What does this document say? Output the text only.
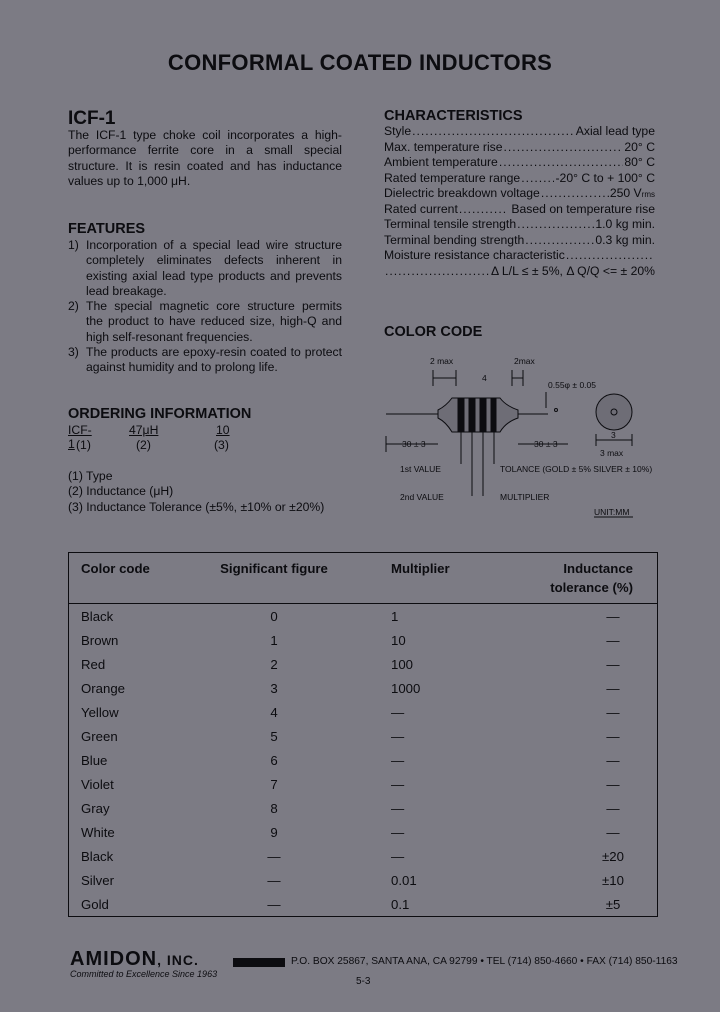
CONFORMAL COATED INDUCTORS
ICF-1
The ICF-1 type choke coil incorporates a high-performance ferrite core in a small special structure. It is resin coated and has inductance values up to 1,000 μH.
FEATURES
1) Incorporation of a special lead wire structure completely eliminates defects inherent in existing axial lead type products and prevents lead breakage.
2) The special magnetic core structure permits the product to have reduced size, high-Q and high self-resonant frequencies.
3) The products are epoxy-resin coated to protect against humidity and to prolong life.
ORDERING INFORMATION
ICF-1
47μH	10
(1)	(2)	(3)
(1) Type
(2) Inductance (μH)
(3) Inductance Tolerance (±5%, ±10% or ±20%)
CHARACTERISTICS
Style .....	Axial lead type
Max. temperature rise .....	20° C
Ambient temperature .....	80° C
Rated temperature range .....	-20° C to + 100° C
Dielectric breakdown voltage .....	250 V rms
Rated current .....	Based on temperature rise
Terminal tensile strength .....	1.0 kg min.
Terminal bending strength .....	0.3 kg min.
Moisture resistance characteristic
.....
.....
Δ L/L ≤ ± 5%, Δ Q/Q <= ± 20%
COLOR CODE
2 max
4
2max
0.55φ ± 0.05
30 ± 3	30 ± 3
3
3 max
1st VALUE
2nd VALUE
TOLANCE (GOLD ± 5% SILVER ± 10%)
MULTIPLIER
UNIT:MM
Color code	Significant figure	Multiplier	Inductance tolerance (%)
Black	0	1	—
Brown	1	10	—
Red	2	100	—
Orange	3	1000	—
Yellow	4	—	—
Green	5	—	—
Blue	6	—	—
Violet	7	—	—
Gray	8	—	—
White	9	—	—
Black	—	—	±20
Silver	—	0.01	±10
Gold	—	0.1	±5
AMIDON, INC.
Committed to Excellence Since 1963
P.O. BOX 25867, SANTA ANA, CA 92799 • TEL (714) 850-4660 • FAX (714) 850-1163
5-3
